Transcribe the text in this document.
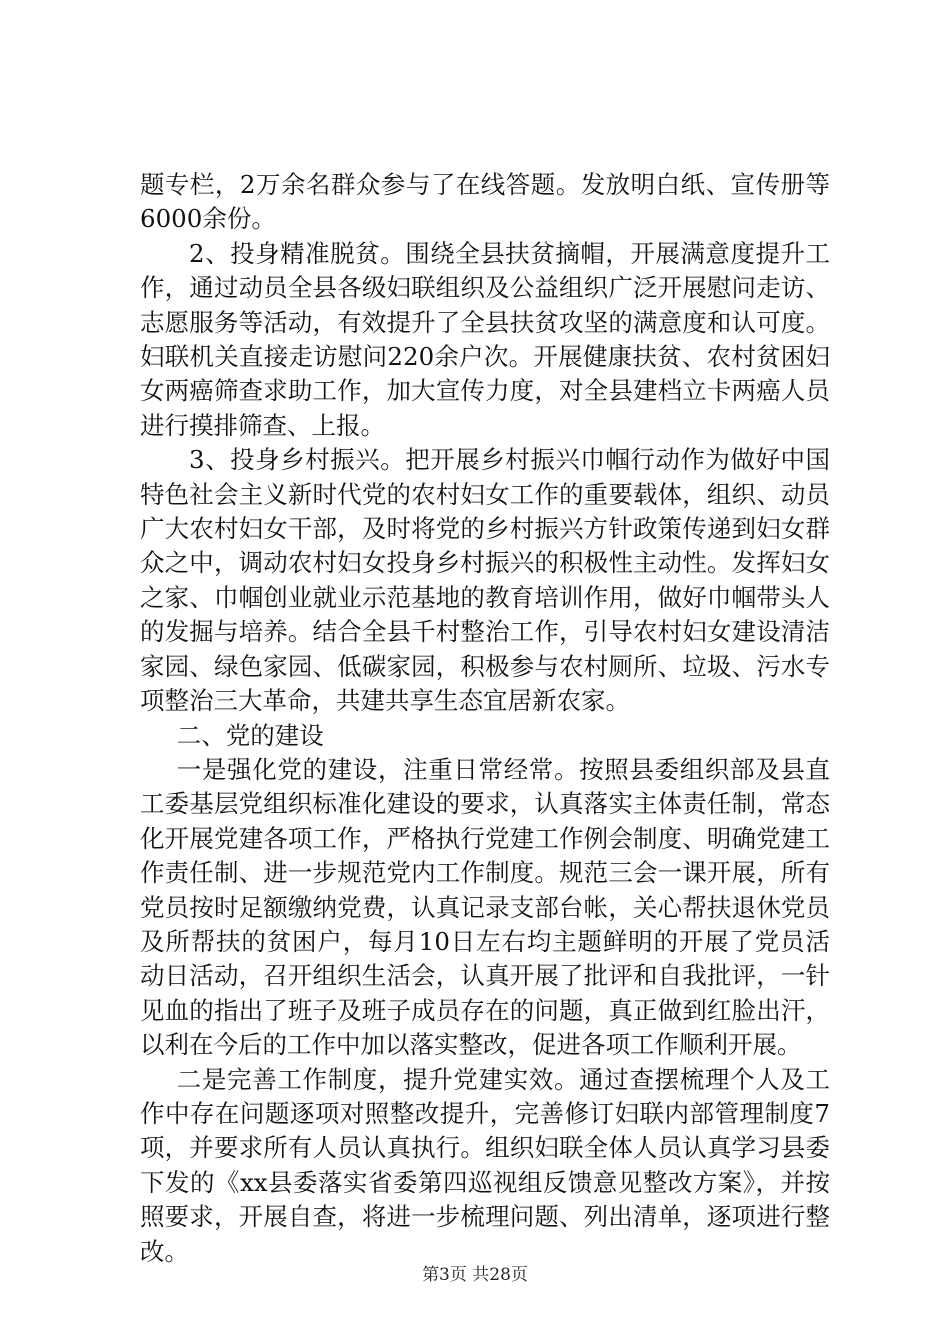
题专栏，2万余名群众参与了在线答题。发放明白纸、宣传册等6000余份。

2、投身精准脱贫。围绕全县扶贫摘帽，开展满意度提升工作，通过动员全县各级妇联组织及公益组织广泛开展慰问走访、志愿服务等活动，有效提升了全县扶贫攻坚的满意度和认可度。妇联机关直接走访慰问220余户次。开展健康扶贫、农村贫困妇女两癌筛查求助工作，加大宣传力度，对全县建档立卡两癌人员进行摸排筛查、上报。

3、投身乡村振兴。把开展乡村振兴巾帼行动作为做好中国特色社会主义新时代党的农村妇女工作的重要载体，组织、动员广大农村妇女干部，及时将党的乡村振兴方针政策传递到妇女群众之中，调动农村妇女投身乡村振兴的积极性主动性。发挥妇女之家、巾帼创业就业示范基地的教育培训作用，做好巾帼带头人的发掘与培养。结合全县千村整治工作，引导农村妇女建设清洁家园、绿色家园、低碳家园，积极参与农村厕所、垃圾、污水专项整治三大革命，共建共享生态宜居新农家。

二、党的建设

一是强化党的建设，注重日常经常。按照县委组织部及县直工委基层党组织标准化建设的要求，认真落实主体责任制，常态化开展党建各项工作，严格执行党建工作例会制度、明确党建工作责任制、进一步规范党内工作制度。规范三会一课开展，所有党员按时足额缴纳党费，认真记录支部台帐，关心帮扶退休党员及所帮扶的贫困户，每月10日左右均主题鲜明的开展了党员活动日活动，召开组织生活会，认真开展了批评和自我批评，一针见血的指出了班子及班子成员存在的问题，真正做到红脸出汗，以利在今后的工作中加以落实整改，促进各项工作顺利开展。

二是完善工作制度，提升党建实效。通过查摆梳理个人及工作中存在问题逐项对照整改提升，完善修订妇联内部管理制度7项，并要求所有人员认真执行。组织妇联全体人员认真学习县委下发的《xx县委落实省委第四巡视组反馈意见整改方案》，并按照要求，开展自查，将进一步梳理问题、列出清单，逐项进行整改。

第3页 共28页
